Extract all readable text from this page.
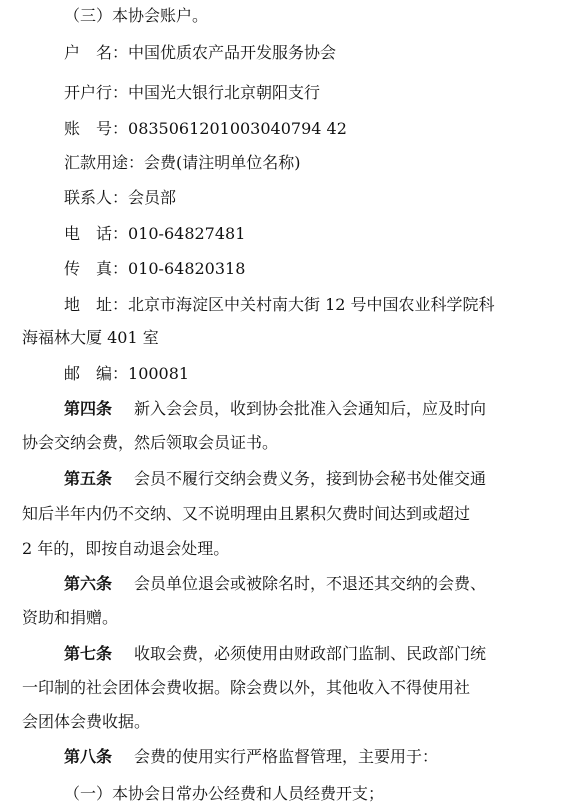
（三）本协会账户。
户　名：中国优质农产品开发服务协会
开户行：中国光大银行北京朝阳支行
账　号：0835061201003040794 42
汇款用途：会费(请注明单位名称)
联系人：会员部
电　话：010-64827481
传　真：010-64820318
地　址：北京市海淀区中关村南大街 12 号中国农业科学院科
海福林大厦 401 室
邮　编：100081
第四条 新入会会员，收到协会批准入会通知后，应及时向
协会交纳会费，然后领取会员证书。
第五条 会员不履行交纳会费义务，接到协会秘书处催交通
知后半年内仍不交纳、又不说明理由且累积欠费时间达到或超过
2 年的，即按自动退会处理。
第六条 会员单位退会或被除名时，不退还其交纳的会费、
资助和捐赠。
第七条 收取会费，必须使用由财政部门监制、民政部门统
一印制的社会团体会费收据。除会费以外，其他收入不得使用社
会团体会费收据。
第八条 会费的使用实行严格监督管理，主要用于：
（一）本协会日常办公经费和人员经费开支；
